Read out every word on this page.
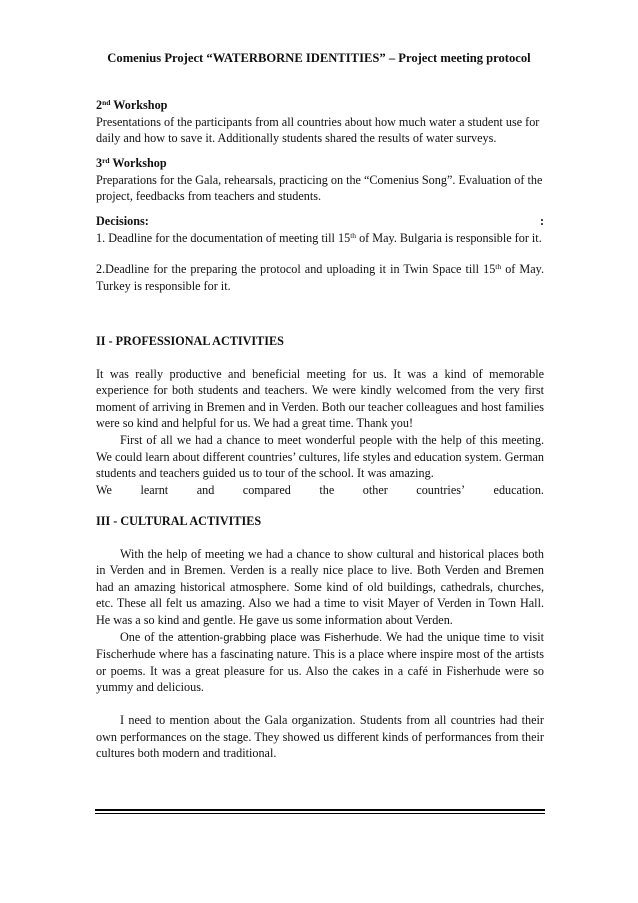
Comenius Project “WATERBORNE IDENTITIES” – Project meeting protocol
2nd Workshop
Presentations of the participants from all countries about how much water a student use for daily and how to save it. Additionally students shared the results of water surveys.
3rd Workshop
Preparations for the Gala, rehearsals, practicing on the “Comenius Song”. Evaluation of the project, feedbacks from teachers and students.
Decisions:	:
1. Deadline for the documentation of meeting till 15th of May. Bulgaria is responsible for it.
2.Deadline for the preparing the protocol and uploading it in Twin Space till 15th of May. Turkey is responsible for it.
II - PROFESSIONAL ACTIVITIES
It was really productive and beneficial meeting for us. It was a kind of memorable experience for both students and teachers. We were kindly welcomed from the very first moment of arriving in Bremen and in Verden. Both our teacher colleagues and host families were so kind and helpful for us. We had a great time. Thank you!
First of all we had a chance to meet wonderful people with the help of this meeting. We could learn about different countries’ cultures, life styles and education system. German students and teachers guided us to tour of the school. It was amazing.
We learnt and compared the other countries’ education.
III - CULTURAL ACTIVITIES
With the help of meeting we had a chance to show cultural and historical places both in Verden and in Bremen. Verden is a really nice place to live. Both Verden and Bremen had an amazing historical atmosphere. Some kind of old buildings, cathedrals, churches, etc. These all felt us amazing. Also we had a time to visit Mayer of Verden in Town Hall. He was a so kind and gentle. He gave us some information about Verden.
One of the attention-grabbing place was Fisherhude. We had the unique time to visit Fischerhude where has a fascinating nature. This is a place where inspire most of the artists or poems. It was a great pleasure for us. Also the cakes in a café in Fisherhude were so yummy and delicious.
I need to mention about the Gala organization. Students from all countries had their own performances on the stage. They showed us different kinds of performances from their cultures both modern and traditional.
